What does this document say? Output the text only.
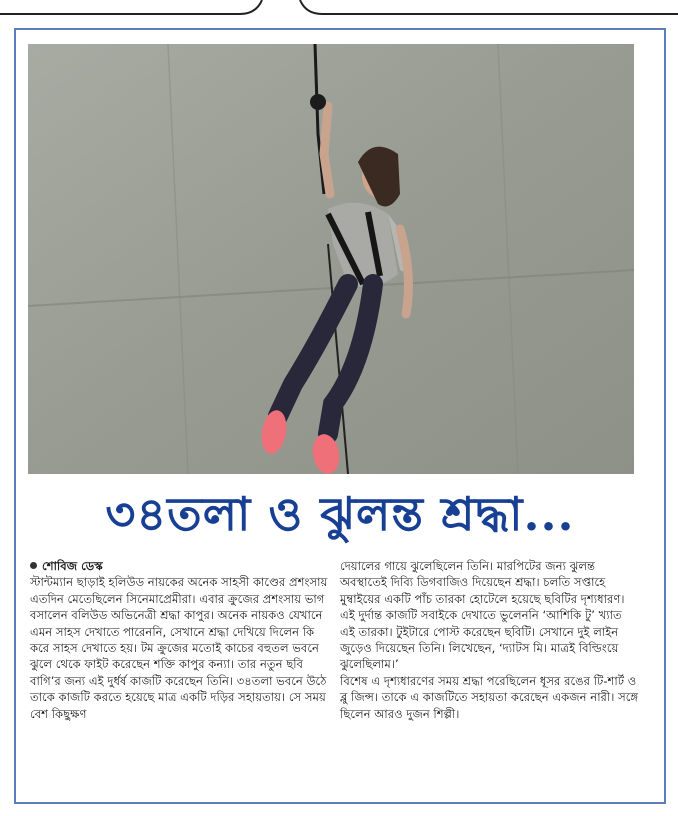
৩৪তলা ও ঝুলন্ত শ্রদ্ধা...

শোবিজ ডেস্ক

স্টান্টম্যান ছাড়াই হলিউড নায়কের অনেক সাহসী কাণ্ডের প্রশংসায় এতদিন মেতেছিলেন সিনেমাপ্রেমীরা। এবার ক্রুজের প্রশংসায় ভাগ বসালেন বলিউড অভিনেত্রী শ্রদ্ধা কাপুর। অনেক নায়কও যেখানে এমন সাহস দেখাতে পারেননি, সেখানে শ্রদ্ধা দেখিয়ে দিলেন কি করে সাহস দেখাতে হয়। টম ক্রুজের মতোই কাচের বহুতল ভবনে ঝুলে থেকে ফাইট করেছেন শক্তি কাপুর কন্যা। তার নতুন ছবি বাগি’র জন্য এই দুর্ধর্ষ কাজটি করেছেন তিনি। ৩৪তলা ভবনে উঠে তাকে কাজটি করতে হয়েছে মাত্র একটি দড়ির সহায়তায়। সে সময় বেশ কিছুক্ষণ

দেয়ালের গায়ে ঝুলেছিলেন তিনি। মারপিটের জন্য ঝুলন্ত অবস্থাতেই দিব্যি ডিগবাজিও দিয়েছেন শ্রদ্ধা। চলতি সপ্তাহে মুম্বাইয়ের একটি পাঁচ তারকা হোটেলে হয়েছে ছবিটির দৃশ্যধারণ। এই দুর্দান্ত কাজটি সবাইকে দেখাতে ভুলেননি ‘আশিকি টু’ খ্যাত এই তারকা। টুইটারে পোস্ট করেছেন ছবিটি। সেখানে দুই লাইন জুড়েও দিয়েছেন তিনি। লিখেছেন, ‘দ্যাটস মি। মাত্রই বিল্ডিংয়ে ঝুলেছিলাম।’

বিশেষ এ দৃশ্যধারণের সময় শ্রদ্ধা পরেছিলেন ধূসর রঙের টি-শার্ট ও ব্লু জিন্স। তাকে এ কাজটিতে সহায়তা করেছেন একজন নারী। সঙ্গে ছিলেন আরও দুজন শিল্পী।
